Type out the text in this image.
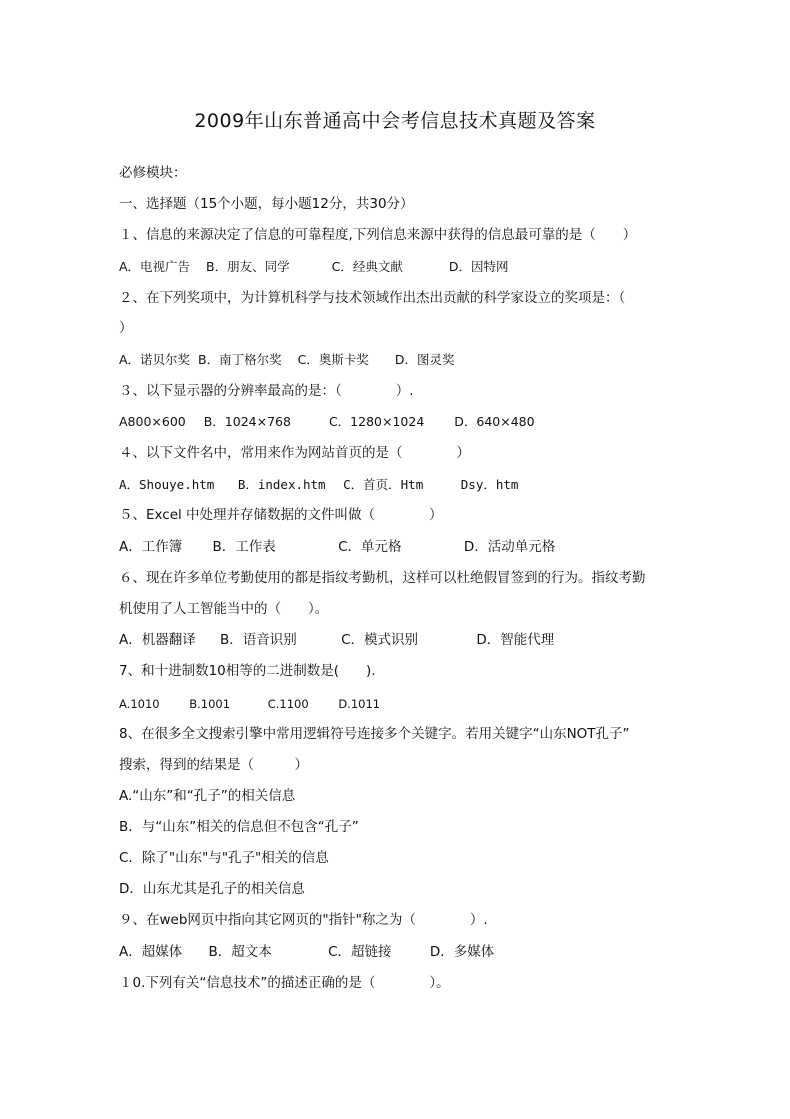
2009年山东普通高中会考信息技术真题及答案
必修模块：
一、选择题（15个小题，每小题12分，共30分）
１、信息的来源决定了信息的可靠程度,下列信息来源中获得的信息最可靠的是（　　）
A．电视广告 B．朋友、同学	C．经典文献	D．因特网
２、在下列奖项中，为计算机科学与技术领域作出杰出贡献的科学家设立的奖项是：（
）
A．诺贝尔奖 B．南丁格尔奖 C．奥斯卡奖 D．图灵奖
３、以下显示器的分辨率最高的是：（　　　　）.
A800×600 B．1024×768	C．1280×1024 D．640×480
４、以下文件名中，常用来作为网站首页的是（　　　　）
A．Shouye.htm B．index.htm C．首页．Htm	Dsy．htm
５、Excel 中处理并存储数据的文件叫做（　　　　）
A．工作簿 B．工作表	C．单元格	D．活动单元格
６、现在许多单位考勤使用的都是指纹考勤机，这样可以杜绝假冒签到的行为。指纹考勤
机使用了人工智能当中的（　　）。
A．机器翻译 B．语音识别	C．模式识别	D．智能代理
7、和十进制数10相等的二进制数是(　　).
A.1010	B.1001	C.1100	D.1011
8、在很多全文搜索引擎中常用逻辑符号连接多个关键字。若用关键字“山东NOT孔子”
搜索，得到的结果是（　　　）
A.“山东”和“孔子”的相关信息
B．与“山东”相关的信息但不包含“孔子”
C．除了"山东"与"孔子"相关的信息
D．山东尤其是孔子的相关信息
９、在web网页中指向其它网页的"指针"称之为（　　　　）.
A．超媒体 B．超文本	C．超链接	D．多媒体
１0.下列有关“信息技术”的描述正确的是（　　　　）。
